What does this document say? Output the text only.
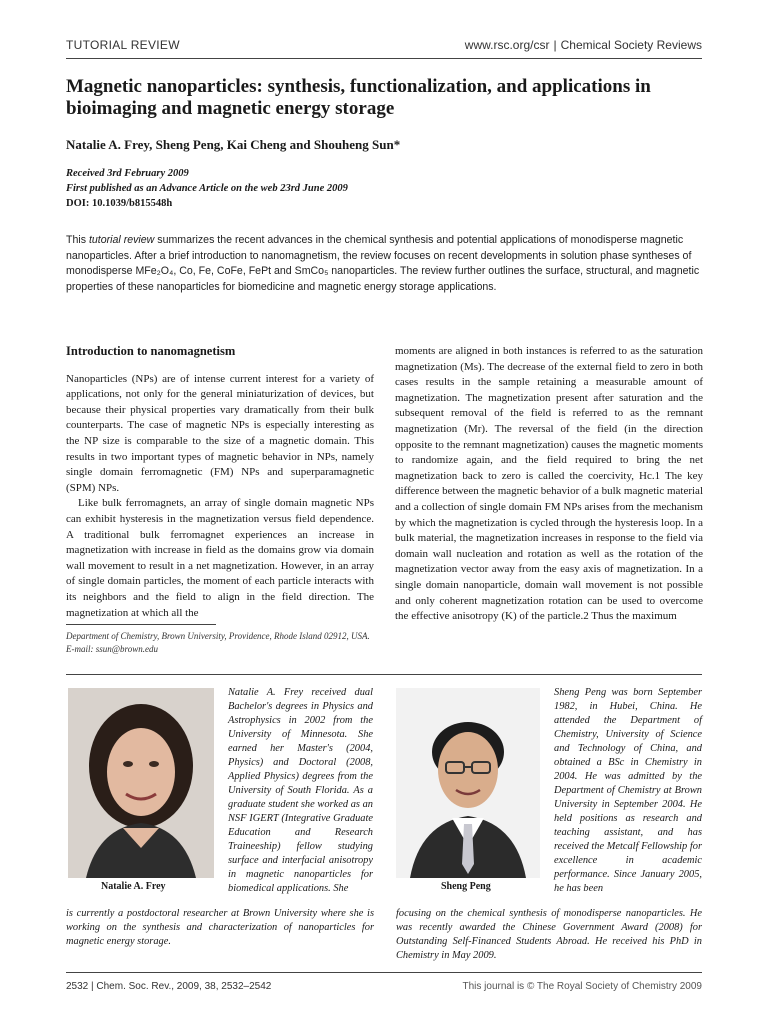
TUTORIAL REVIEW	www.rsc.org/csr | Chemical Society Reviews
Magnetic nanoparticles: synthesis, functionalization, and applications in bioimaging and magnetic energy storage
Natalie A. Frey, Sheng Peng, Kai Cheng and Shouheng Sun*
Received 3rd February 2009
First published as an Advance Article on the web 23rd June 2009
DOI: 10.1039/b815548h
This tutorial review summarizes the recent advances in the chemical synthesis and potential applications of monodisperse magnetic nanoparticles. After a brief introduction to nanomagnetism, the review focuses on recent developments in solution phase syntheses of monodisperse MFe₂O₄, Co, Fe, CoFe, FePt and SmCo₅ nanoparticles. The review further outlines the surface, structural, and magnetic properties of these nanoparticles for biomedicine and magnetic energy storage applications.
Introduction to nanomagnetism

Nanoparticles (NPs) are of intense current interest for a variety of applications, not only for the general miniaturization of devices, but because their physical properties vary dramatically from their bulk counterparts. The case of magnetic NPs is especially interesting as the NP size is comparable to the size of a magnetic domain. This results in two important types of magnetic behavior in NPs, namely single domain ferromagnetic (FM) NPs and superparamagnetic (SPM) NPs.

Like bulk ferromagnets, an array of single domain magnetic NPs can exhibit hysteresis in the magnetization versus field dependence. A traditional bulk ferromagnet experiences an increase in magnetization with increase in field as the domains grow via domain wall movement to result in a net magnetization. However, in an array of single domain particles, the moment of each particle interacts with its neighbors and the field to align in the field direction. The magnetization at which all the

moments are aligned in both instances is referred to as the saturation magnetization (Ms). The decrease of the external field to zero in both cases results in the sample retaining a measurable amount of magnetization. The magnetization present after saturation and the subsequent removal of the field is referred to as the remnant magnetization (Mr). The reversal of the field (in the direction opposite to the remnant magnetization) causes the magnetic moments to randomize again, and the field required to bring the net magnetization back to zero is called the coercivity, Hc.1 The key difference between the magnetic behavior of a bulk magnetic material and a collection of single domain FM NPs arises from the mechanism by which the magnetization is cycled through the hysteresis loop. In a bulk material, the magnetization increases in response to the field via domain wall nucleation and rotation as well as the rotation of the magnetization vector away from the easy axis of magnetization. In a single domain nanoparticle, domain wall movement is not possible and only coherent magnetization rotation can be used to overcome the effective anisotropy (K) of the particle.2 Thus the maximum

Department of Chemistry, Brown University, Providence, Rhode Island 02912, USA. E-mail: ssun@brown.edu
Natalie A. Frey
Natalie A. Frey received dual Bachelor's degrees in Physics and Astrophysics in 2002 from the University of Minnesota. She earned her Master's (2004, Physics) and Doctoral (2008, Applied Physics) degrees from the University of South Florida. As a graduate student she worked as an NSF IGERT (Integrative Graduate Education and Research Traineeship) fellow studying surface and interfacial anisotropy in magnetic nanoparticles for biomedical applications. She
is currently a postdoctoral researcher at Brown University where she is working on the synthesis and characterization of nanoparticles for magnetic energy storage.
Sheng Peng
Sheng Peng was born September 1982, in Hubei, China. He attended the Department of Chemistry, University of Science and Technology of China, and obtained a BSc in Chemistry in 2004. He was admitted by the Department of Chemistry at Brown University in September 2004. He held positions as research and teaching assistant, and has received the Metcalf Fellowship for excellence in academic performance. Since January 2005, he has been
focusing on the chemical synthesis of monodisperse nanoparticles. He was recently awarded the Chinese Government Award (2008) for Outstanding Self-Financed Students Abroad. He received his PhD in Chemistry in May 2009.
2532 | Chem. Soc. Rev., 2009, 38, 2532–2542	This journal is © The Royal Society of Chemistry 2009
